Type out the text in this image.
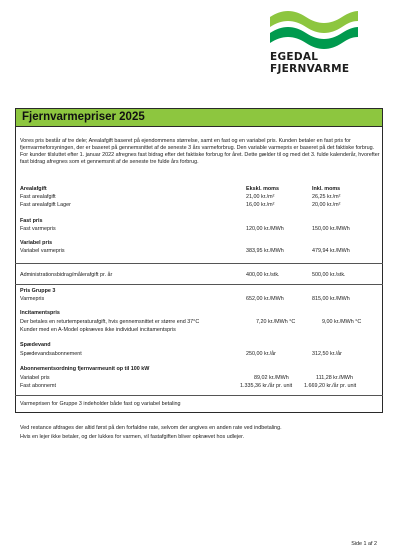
EGEDAL
FJERNVARME
Fjernvarmepriser 2025

Vores pris består af tre dele; Arealafgift baseret på ejendommens størrelse, samt en fast og en variabel pris. Kunden betaler en fast pris for fjernvarmeforsyningen, der er baseret på gennemsnittet af de seneste 3 års varmeforbrug. Den variable varmepris er baseret på det faktiske forbrug.

For kunder tilsluttet efter 1. januar 2022 afregnes fast bidrag efter det faktiske forbrug for året. Dette gælder til og med det 3. fulde kalenderår, hvorefter fast bidrag afregnes som et gennemsnit af de seneste tre fulde års forbrug.

Arealafgift	Ekskl. moms	Inkl. moms
Fast arealafgift	21,00 kr./m²	26,25 kr./m²
Fast arealafgift Lager	16,00 kr./m²	20,00 kr./m²
Fast pris
Fast varmepris	120,00 kr./MWh	150,00 kr./MWh
Variabel pris
Variabel varmepris	383,95 kr./MWh	479,94 kr./MWh
Administrationsbidrag/målerafgift pr. år	400,00 kr./stk.	500,00 kr./stk.
Pris Gruppe 3
Varmepris	652,00 kr./MWh	815,00 kr./MWh
Incitamentspris
Der betales en returtemperaturafgift, hvis gennemsnittet er større end 37°C	7,20 kr./MWh °C	9,00 kr./MWh °C
Kunder med en A-Model opkræves ikke individuel incitamentspris
Spædevand
Spædevandsabonnement	250,00 kr./år	312,50 kr./år
Abonnementsordning fjernvarmeunit op til 100 kW
Variabel pris	89,02 kr./MWh	111,28 kr./MWh
Fast abonnemt	1.335,36 kr./år pr. unit 1.669,20 kr./år pr. unit
Varmeprisen for Gruppe 3 indeholder både fast og variabel betaling

Ved restance afdrages der altid først på den forfaldne rate, selvom der angives en anden rate ved indbetaling.

Hvis en lejer ikke betaler, og der lukkes for varmen, vil fastafgiften bliver opkrævet hos udlejer.

Side 1 af 2
